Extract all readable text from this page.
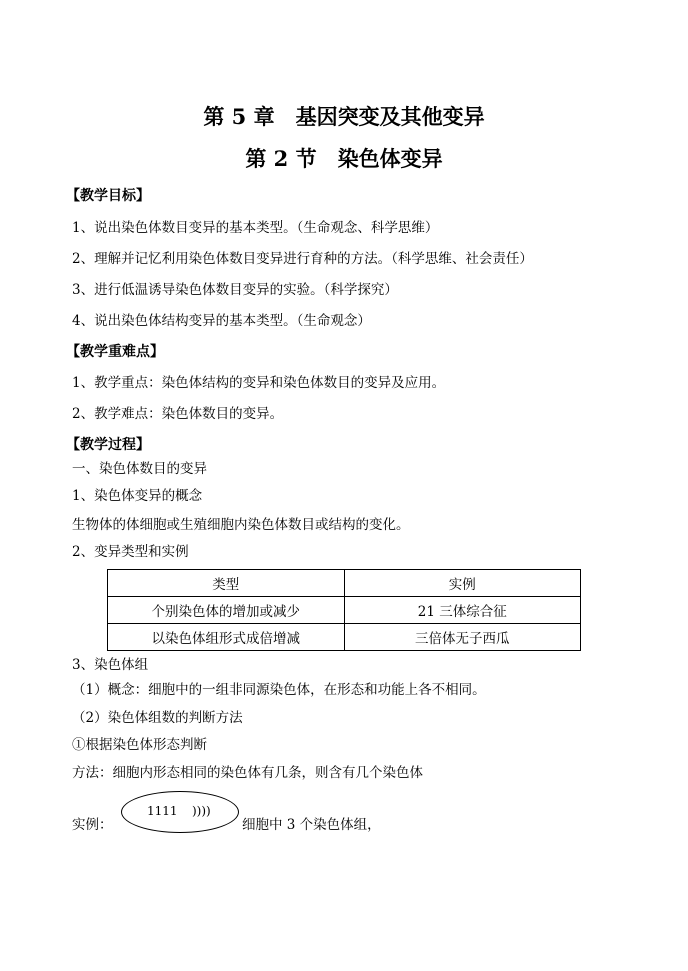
第 5 章　基因突变及其他变异
第 2 节　染色体变异
【教学目标】
1、说出染色体数目变异的基本类型。（生命观念、科学思维）
2、理解并记忆利用染色体数目变异进行育种的方法。（科学思维、社会责任）
3、进行低温诱导染色体数目变异的实验。（科学探究）
4、说出染色体结构变异的基本类型。（生命观念）
【教学重难点】
1、教学重点：染色体结构的变异和染色体数目的变异及应用。
2、教学难点：染色体数目的变异。
【教学过程】
一、染色体数目的变异
1、染色体变异的概念
生物体的体细胞或生殖细胞内染色体数目或结构的变化。
2、变异类型和实例
类型	实例
个别染色体的增加或减少	21 三体综合征
以染色体组形式成倍增减	三倍体无子西瓜
3、染色体组
（1）概念：细胞中的一组非同源染色体，在形态和功能上各不相同。
（2）染色体组数的判断方法
①根据染色体形态判断
方法：细胞内形态相同的染色体有几条，则含有几个染色体
实例：
1111 ))))
细胞中 3 个染色体组，
